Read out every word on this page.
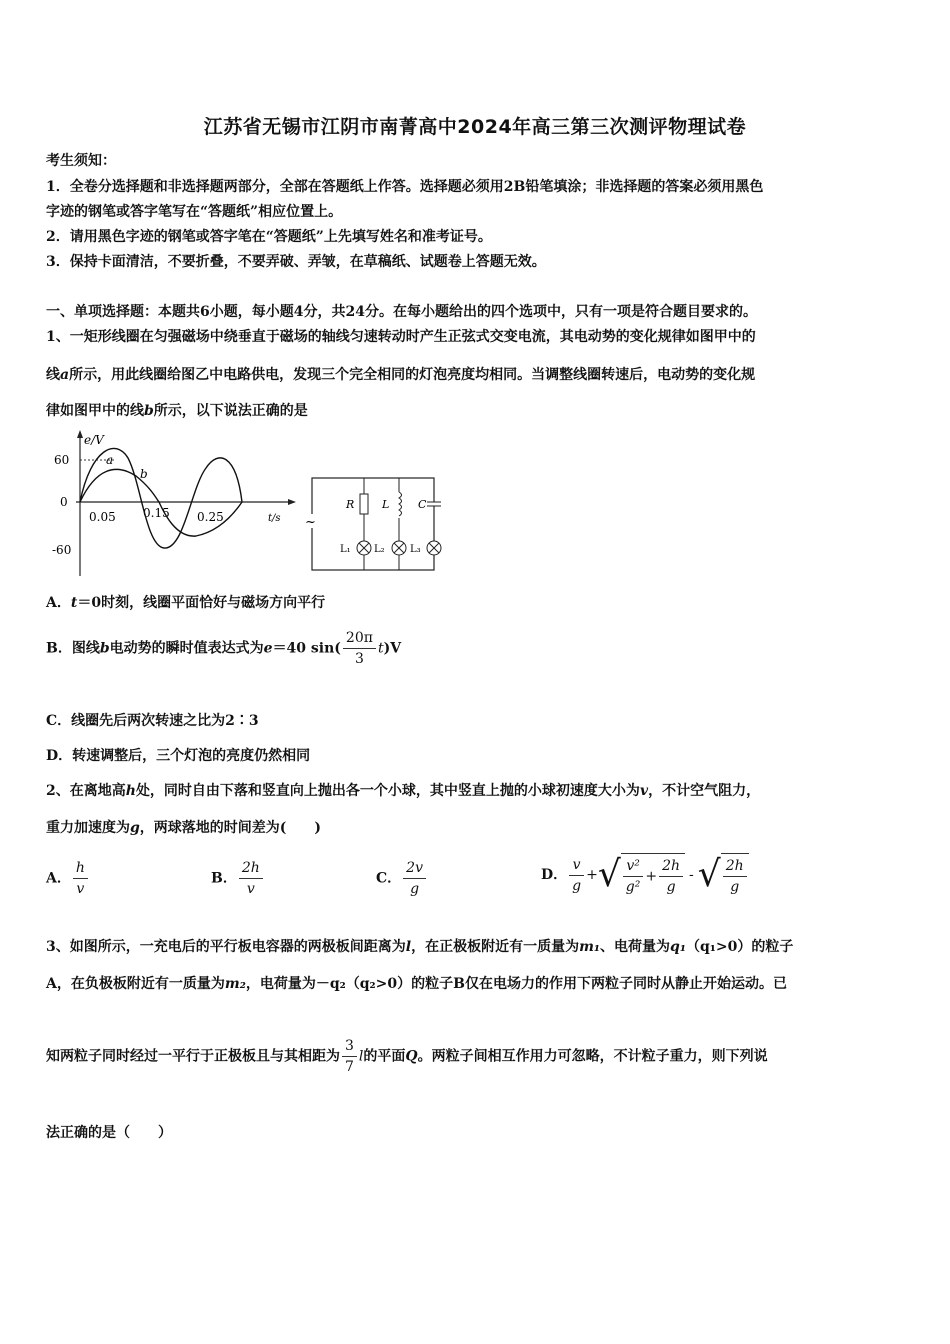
江苏省无锡市江阴市南菁高中2024年高三第三次测评物理试卷
考生须知：
1．全卷分选择题和非选择题两部分，全部在答题纸上作答。选择题必须用2B铅笔填涂；非选择题的答案必须用黑色
字迹的钢笔或答字笔写在“答题纸”相应位置上。
2．请用黑色字迹的钢笔或答字笔在“答题纸”上先填写姓名和准考证号。
3．保持卡面清洁，不要折叠，不要弄破、弄皱，在草稿纸、试题卷上答题无效。
一、单项选择题：本题共6小题，每小题4分，共24分。在每小题给出的四个选项中，只有一项是符合题目要求的。
1、一矩形线圈在匀强磁场中绕垂直于磁场的轴线匀速转动时产生正弦式交变电流，其电动势的变化规律如图甲中的
线a所示，用此线圈给图乙中电路供电，发现三个完全相同的灯泡亮度均相同。当调整线圈转速后，电动势的变化规
律如图甲中的线b所示，以下说法正确的是
e/V
t/s
60
0
-60
0.05 0.15 0.25
a
b
~
R	L	C
L₁ L₂	L₃
A．t＝0时刻，线圈平面恰好与磁场方向平行
B．图线b电动势的瞬时值表达式为e＝40 $\sin( \frac{20\pi}{3} t)V$
C．线圈先后两次转速之比为2∶3
D．转速调整后，三个灯泡的亮度仍然相同
2、在离地高h处，同时自由下落和竖直向上抛出各一个小球，其中竖直上抛的小球初速度大小为v，不计空气阻力，
重力加速度为g，两球落地的时间差为(　　)
A． $\frac{h}{v}$	B． $\frac{2h}{v}$	C． $\frac{2v}{g}$	D． $\frac{v}{g}$ +√ $\frac{\text{v²}}{\text{g²}} + \frac{2h}{g}$ - √ $\frac{2h}{g}$
3、如图所示，一充电后的平行板电容器的两极板间距离为l，在正极板附近有一质量为m₁、电荷量为q₁（q₁>0）的粒子
A，在负极板附近有一质量为m₂，电荷量为－q₂（q₂>0）的粒子B仅在电场力的作用下两粒子同时从静止开始运动。已
知两粒子同时经过一平行于正极板且与其相距为 $\frac{3}{7}$ l的平面Q。两粒子间相互作用力可忽略，不计粒子重力，则下列说
法正确的是（　　）
